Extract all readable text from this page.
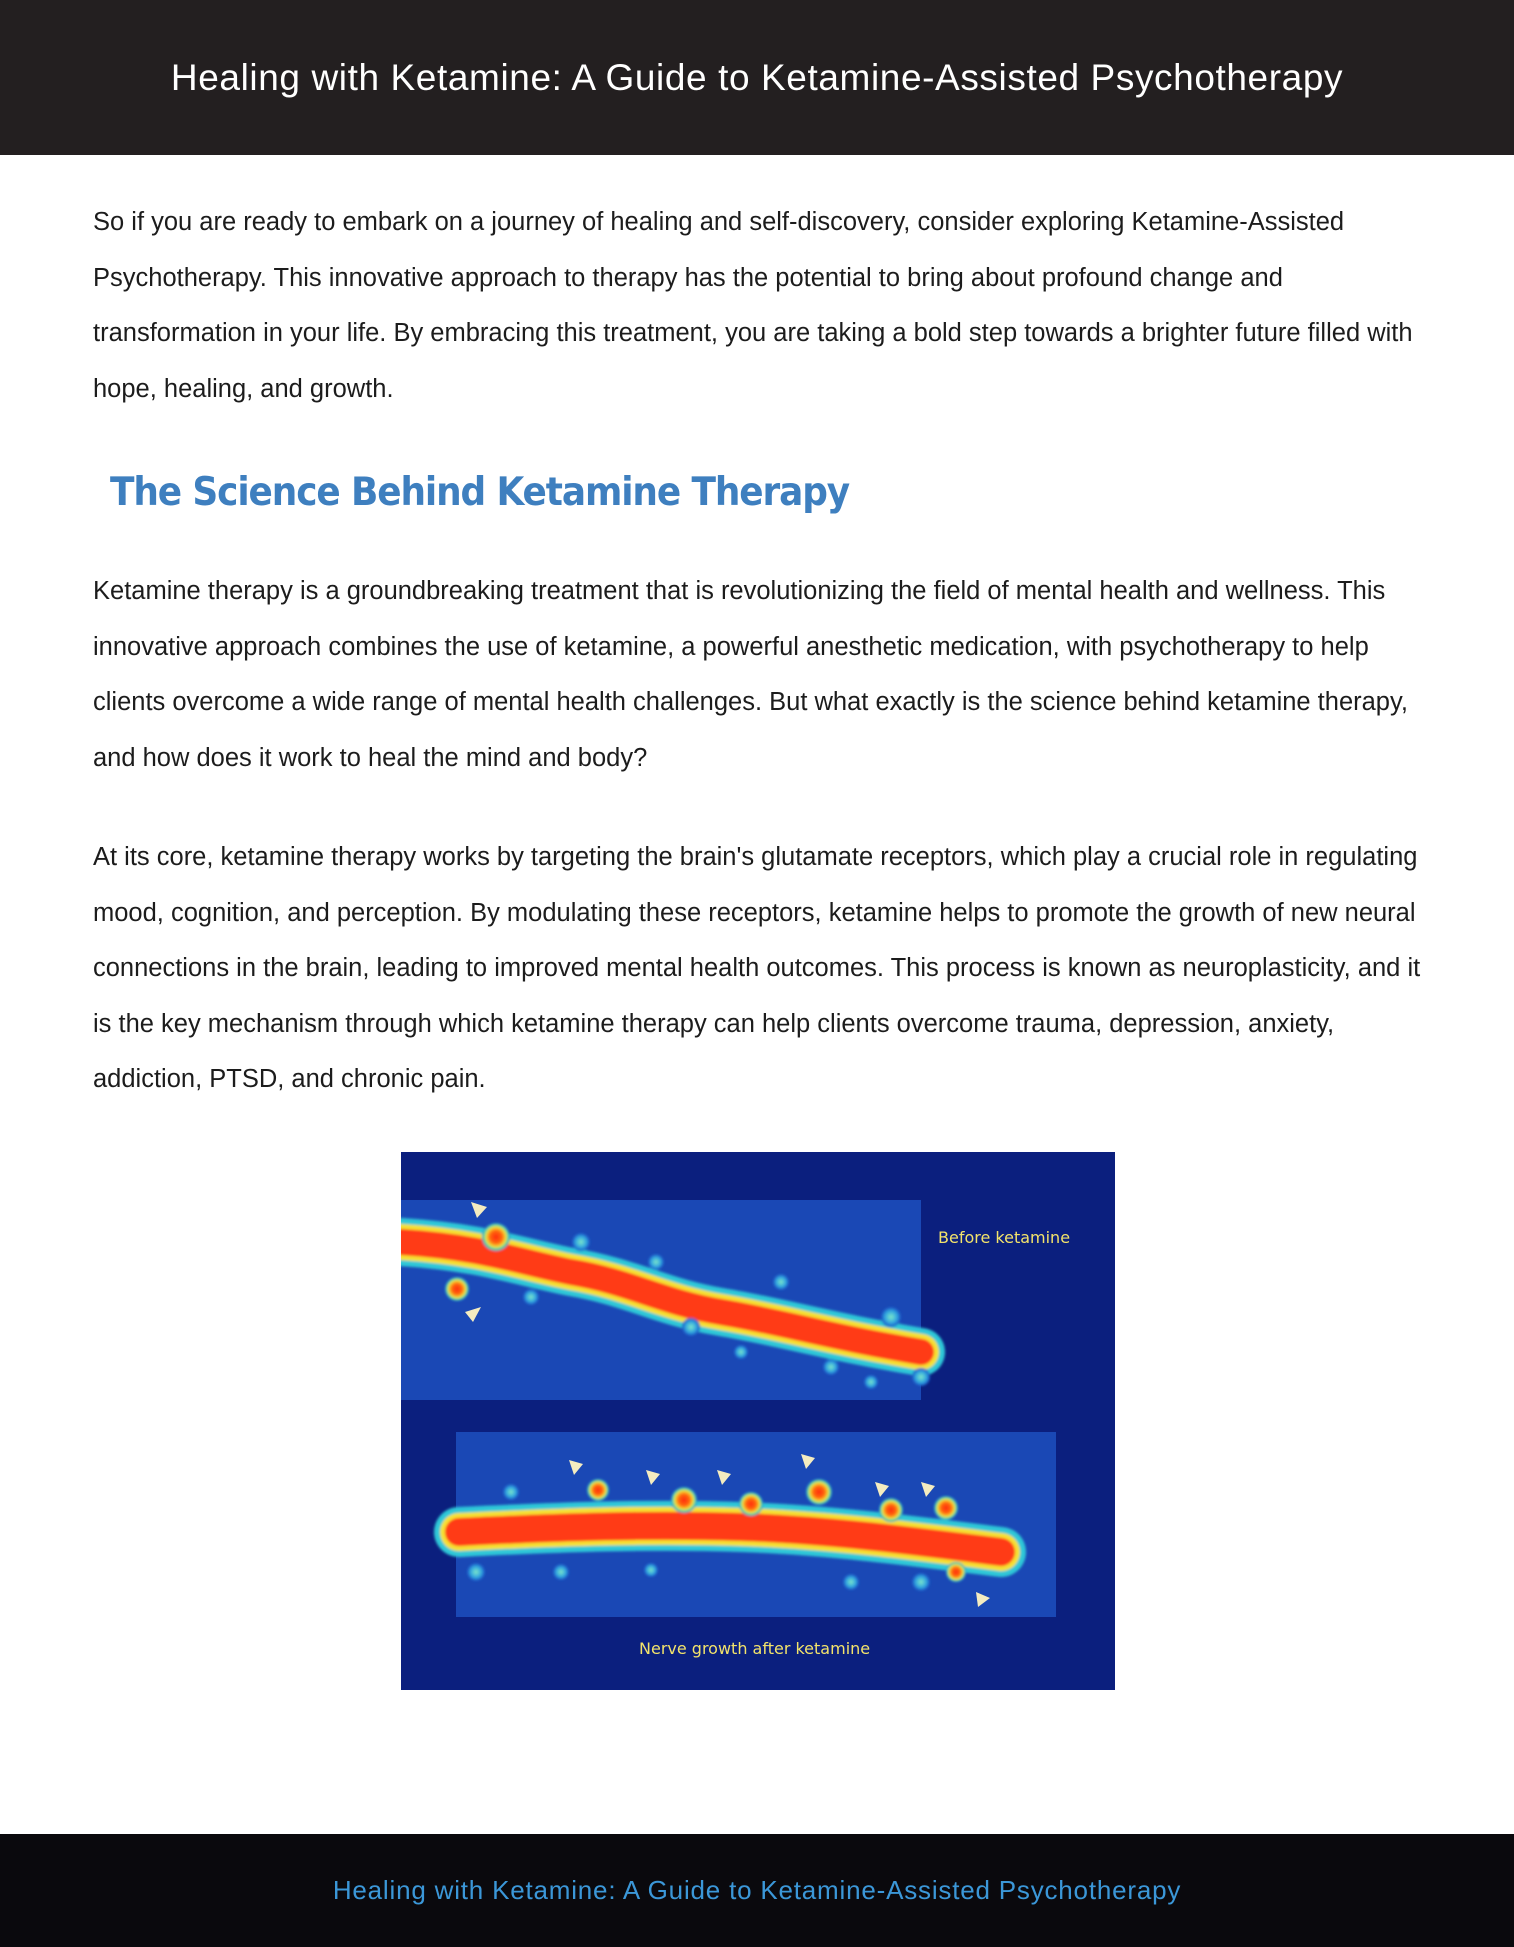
Healing with Ketamine: A Guide to Ketamine-Assisted Psychotherapy

So if you are ready to embark on a journey of healing and self-discovery, consider exploring Ketamine-Assisted Psychotherapy. This innovative approach to therapy has the potential to bring about profound change and transformation in your life. By embracing this treatment, you are taking a bold step towards a brighter future filled with hope, healing, and growth.

The Science Behind Ketamine Therapy

Ketamine therapy is a groundbreaking treatment that is revolutionizing the field of mental health and wellness. This innovative approach combines the use of ketamine, a powerful anesthetic medication, with psychotherapy to help clients overcome a wide range of mental health challenges. But what exactly is the science behind ketamine therapy, and how does it work to heal the mind and body?

At its core, ketamine therapy works by targeting the brain's glutamate receptors, which play a crucial role in regulating mood, cognition, and perception. By modulating these receptors, ketamine helps to promote the growth of new neural connections in the brain, leading to improved mental health outcomes. This process is known as neuroplasticity, and it is the key mechanism through which ketamine therapy can help clients overcome trauma, depression, anxiety, addiction, PTSD, and chronic pain.

Before ketamine
Nerve growth after ketamine
Healing with Ketamine: A Guide to Ketamine-Assisted Psychotherapy
